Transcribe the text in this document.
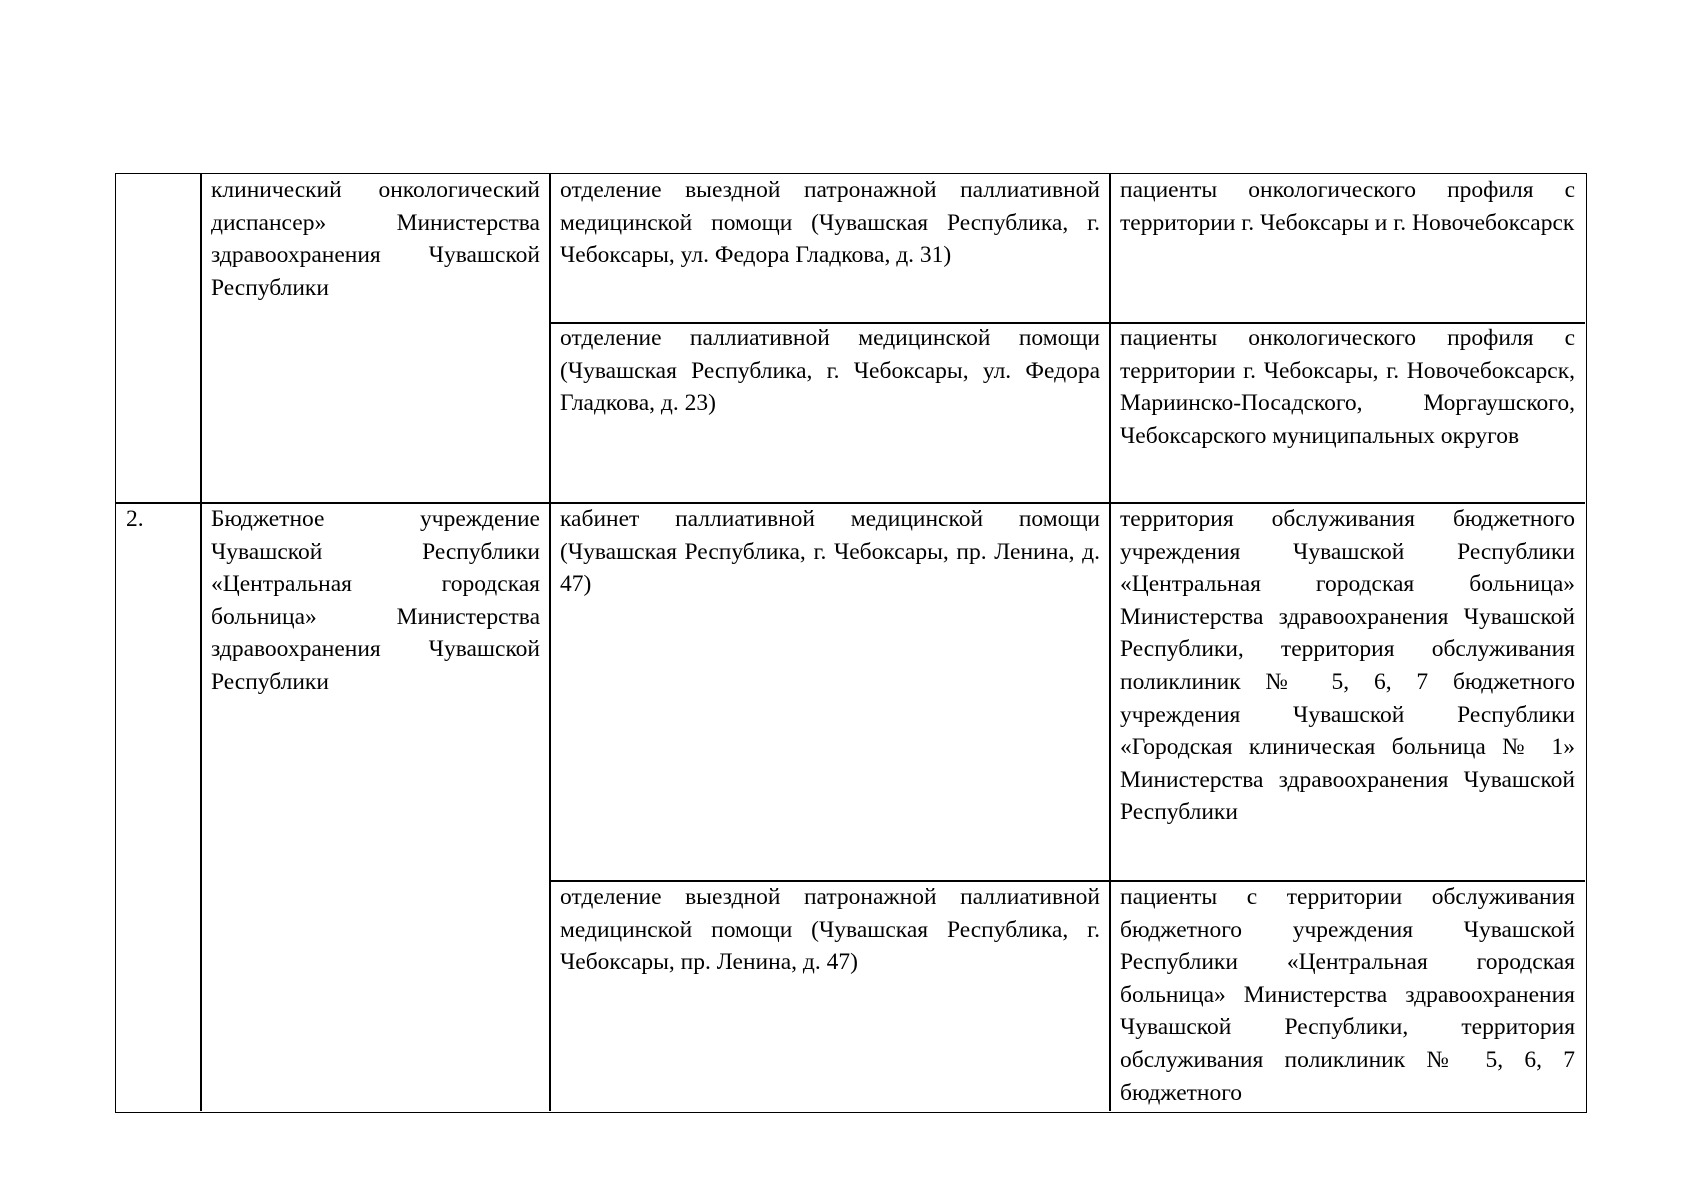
клинический онкологический диспансер» Министерства здравоохранения Чувашской Республики
отделение выездной патронажной паллиативной медицинской помощи (Чувашская Республика, г. Чебоксары, ул. Федора Гладкова, д. 31)
пациенты онкологического профиля с территории г. Чебоксары и г. Новочебоксарск
отделение паллиативной медицинской помощи (Чувашская Республика, г. Чебоксары, ул. Федора Гладкова, д. 23)
пациенты онкологического профиля с территории г. Чебоксары, г. Новочебоксарск, Мариинско-Посадского, Моргаушского, Чебоксарского муниципальных округов
2.	Бюджетное учреждение Чувашской Республики «Центральная городская больница» Министерства здравоохранения Чувашской Республики
кабинет паллиативной медицинской помощи (Чувашская Республика, г. Чебоксары, пр. Ленина, д. 47)
территория обслуживания бюджетного учреждения Чувашской Республики «Центральная городская больница» Министерства здравоохранения Чувашской Республики, территория обслуживания поликлиник № 5, 6, 7 бюджетного учреждения Чувашской Республики «Городская клиническая больница № 1» Министерства здравоохранения Чувашской Республики
отделение выездной патронажной паллиативной медицинской помощи (Чувашская Республика, г. Чебоксары, пр. Ленина, д. 47)
пациенты с территории обслуживания бюджетного учреждения Чувашской Республики «Центральная городская больница» Министерства здравоохранения Чувашской Республики, территория обслуживания поликлиник № 5, 6, 7 бюджетного
